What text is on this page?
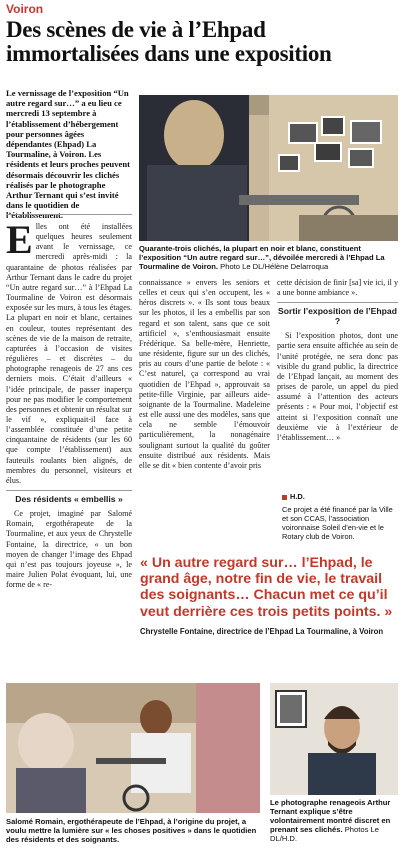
Voiron
Des scènes de vie à l’Ehpad immortalisées dans une exposition
Le vernissage de l’exposition “Un autre regard sur…” a eu lieu ce mercredi 13 septembre à l’établissement d’hébergement pour personnes âgées dépendantes (Ehpad) La Tourmaline, à Voiron. Les résidents et leurs proches peuvent désormais découvrir les clichés réalisés par le photographe Arthur Ternant qui s’est invité dans le quotidien de l’établissement.
Quarante-trois clichés, la plupart en noir et blanc, constituent l’exposition “Un autre regard sur…”, dévoilée mercredi à l’Ehpad La Tourmaline de Voiron. Photo Le DL/Hélène Delarroqua

Elles ont été installées quelques heures seulement avant le vernissage, ce mercredi après-midi : la quarantaine de photos réalisées par Arthur Ternant dans le cadre du projet “Un autre regard sur…” à l’Ehpad La Tourmaline de Voiron est désormais exposée sur les murs, à tous les étages. La plupart en noir et blanc, certaines en couleur, toutes représentant des scènes de vie de la maison de retraite, capturées à l’occasion de visites régulières – et discrètes – du photographe renageois de 27 ans ces derniers mois. C’était d’ailleurs « l’idée principale, de passer inaperçu pour ne pas modifier le comportement des personnes et obtenir un résultat sur le vif », expliquait-il face à l’assemblée constituée d’une petite cinquantaine de résidents (sur les 60 que compte l’établissement) aux fauteuils roulants bien alignés, de membres du personnel, visiteurs et élus.

Des résidents « embellis »

Ce projet, imaginé par Salomé Romain, ergothérapeute de la Tourmaline, et aux yeux de Chrystelle Fontaine, la directrice, « un bon moyen de changer l’image des Ehpad qui n’est pas toujours joyeuse », le maire Julien Polat évoquant, lui, une forme de « re-

connaissance » envers les seniors et celles et ceux qui s’en occupent, les « héros discrets ». « Ils sont tous beaux sur les photos, il les a embellis par son regard et son talent, sans que ce soit artificiel », s’enthousiasmait ensuite Frédérique. Sa belle-mère, Henriette, une résidente, figure sur un des clichés, pris au cours d’une partie de belote : « C’est naturel, ça correspond au vrai quotidien de l’Ehpad », approuvait sa petite-fille Virginie, par ailleurs aide-soignante de la Tourmaline. Madeleine est elle aussi une des modèles, sans que cela ne semble l’émouvoir particulièrement, la nonagénaire soulignant surtout la qualité du goûter ensuite distribué aux résidents. Mais elle se dit « bien contente d’avoir pris

cette décision de finir [sa] vie ici, il y a une bonne ambiance ».

Sortir l’exposition de l’Ehpad ?

Si l’exposition photos, dont une partie sera ensuite affichée au sein de l’unité protégée, ne sera donc pas visible du grand public, la directrice de l’Ehpad lançait, au moment des prises de parole, un appel du pied assumé à l’attention des acteurs présents : « Pour moi, l’objectif est atteint si l’exposition connaît une deuxième vie à l’extérieur de l’établissement… »

H.D.
Ce projet a été financé par la Ville et son CCAS, l’association voironnaise Soleil d’en-vie et le Rotary club de Voiron.
« Un autre regard sur… l’Ehpad, le grand âge, notre fin de vie, le travail des soignants… Chacun met ce qu’il veut derrière ces trois petits points. »
Chrystelle Fontaine, directrice de l’Ehpad La Tourmaline, à Voiron
Salomé Romain, ergothérapeute de l’Ehpad, à l’origine du projet, a voulu mettre la lumière sur « les choses positives » dans le quotidien des résidents et des soignants.
Le photographe renageois Arthur Ternant explique s’être volontairement montré discret en prenant ses clichés. Photos Le DL/H.D.
